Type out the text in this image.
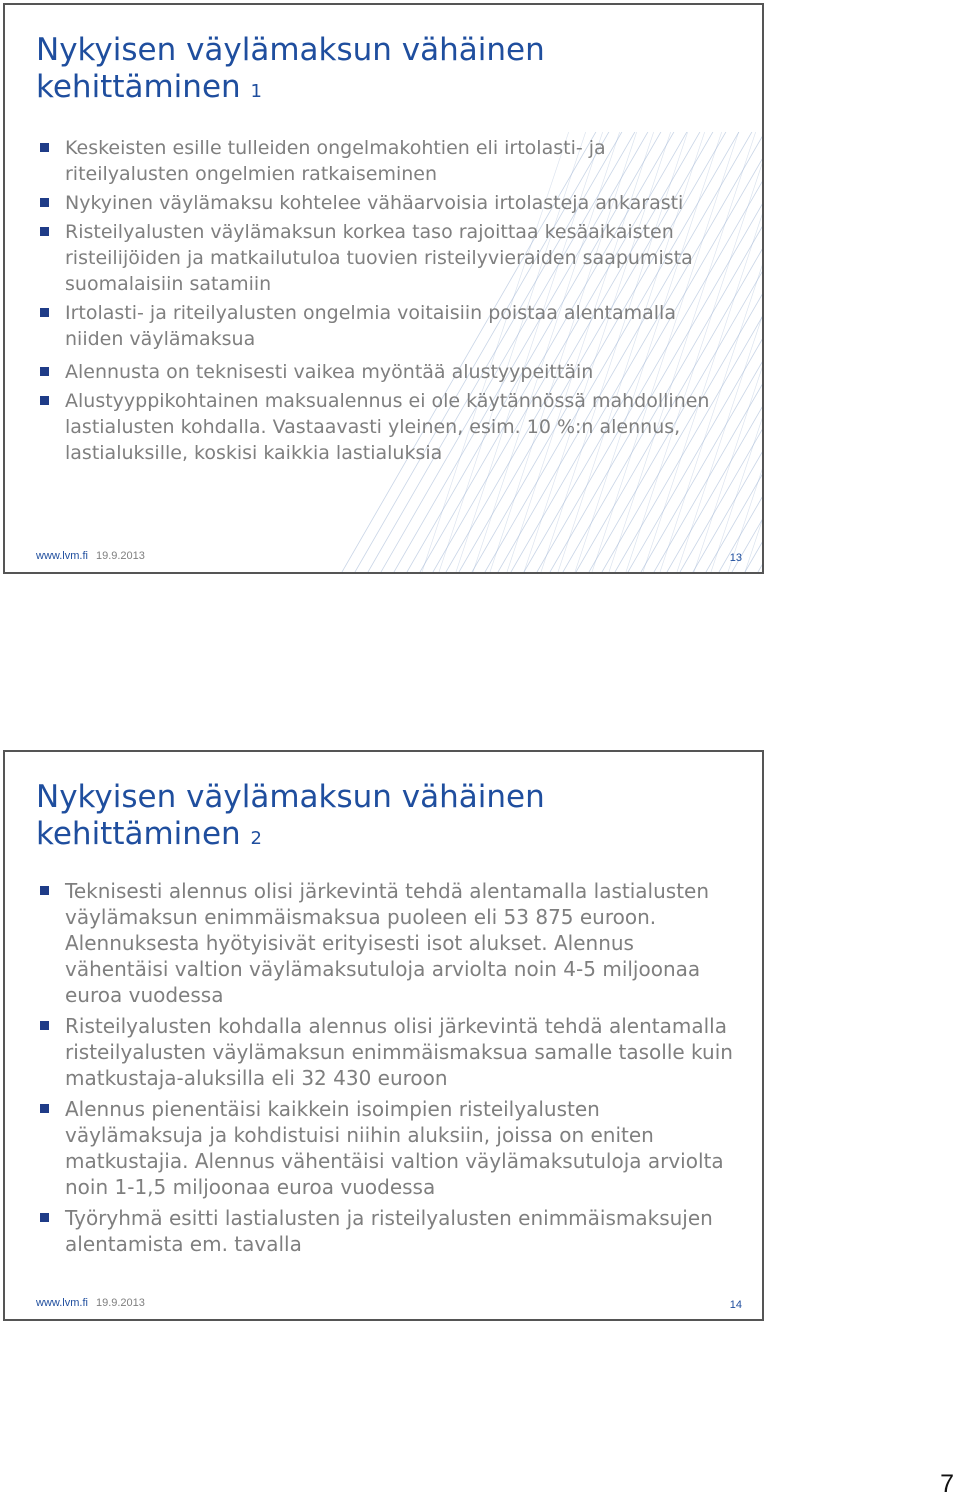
Nykyisen väylämaksun vähäinen
kehittäminen 1
Keskeisten esille tulleiden ongelmakohtien eli irtolasti- ja riteilyalusten ongelmien ratkaiseminen
Nykyinen väylämaksu kohtelee vähäarvoisia irtolasteja ankarasti
Risteilyalusten väylämaksun korkea taso rajoittaa kesäaikaisten risteilijöiden ja matkailutuloa tuovien risteilyvieraiden saapumista suomalaisiin satamiin
Irtolasti- ja riteilyalusten ongelmia voitaisiin poistaa alentamalla niiden väylämaksua
Alennusta on teknisesti vaikea myöntää alustyypeittäin
Alustyyppikohtainen maksualennus ei ole käytännössä mahdollinen lastialusten kohdalla. Vastaavasti yleinen, esim. 10 %:n alennus, lastialuksille, koskisi kaikkia lastialuksia
www.lvm.fi 19.9.2013	13
Nykyisen väylämaksun vähäinen
kehittäminen 2
Teknisesti alennus olisi järkevintä tehdä alentamalla lastialusten väylämaksun enimmäismaksua puoleen eli 53 875 euroon. Alennuksesta hyötyisivät erityisesti isot alukset. Alennus vähentäisi valtion väylämaksutuloja arviolta noin 4-5 miljoonaa euroa vuodessa
Risteilyalusten kohdalla alennus olisi järkevintä tehdä alentamalla risteilyalusten väylämaksun enimmäismaksua samalle tasolle kuin matkustaja-aluksilla eli 32 430 euroon
Alennus pienentäisi kaikkein isoimpien risteilyalusten väylämaksuja ja kohdistuisi niihin aluksiin, joissa on eniten matkustajia. Alennus vähentäisi valtion väylämaksutuloja arviolta noin 1-1,5 miljoonaa euroa vuodessa
Työryhmä esitti lastialusten ja risteilyalusten enimmäismaksujen alentamista em. tavalla
www.lvm.fi 19.9.2013	14
7
